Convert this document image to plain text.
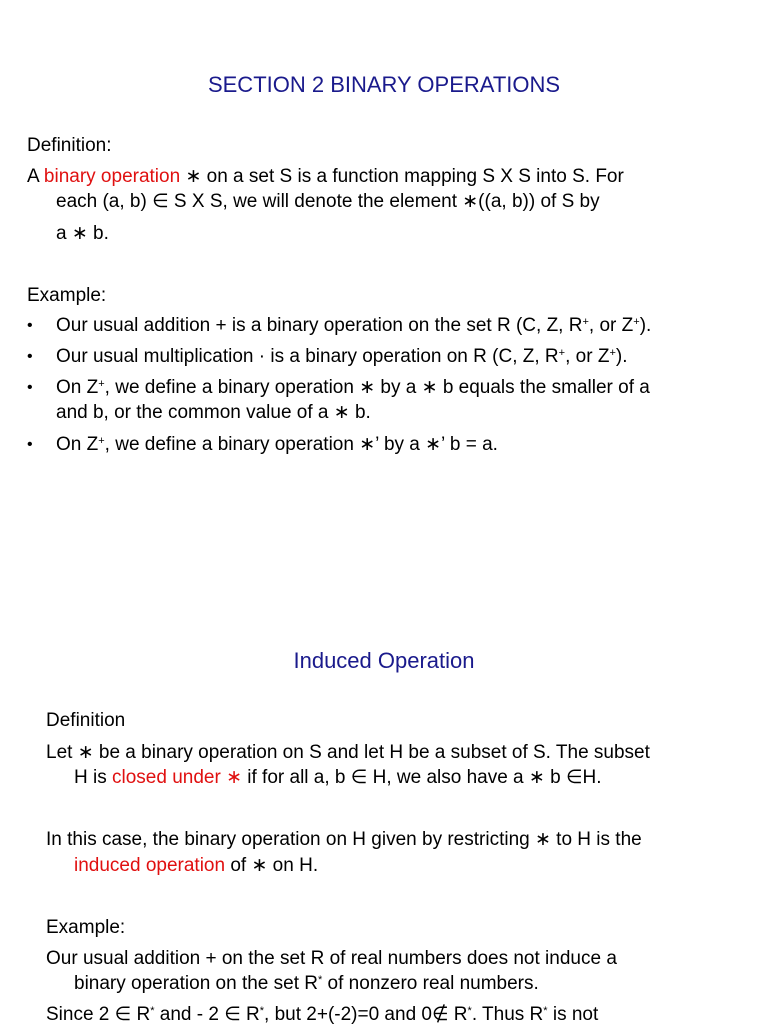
SECTION 2 BINARY OPERATIONS
Definition:
A binary operation ∗ on a set S is a function mapping S X S into S. For
each (a, b) ∈ S X S, we will denote the element ∗((a, b)) of S by
a ∗ b.
Example:
• Our usual addition + is a binary operation on the set R (C, Z, R+, or Z+).
• Our usual multiplication · is a binary operation on R (C, Z, R+, or Z+).
• On Z+, we define a binary operation ∗ by a ∗ b equals the smaller of a
and b, or the common value of a ∗ b.
• On Z+, we define a binary operation ∗’ by a ∗’ b = a.
Induced Operation
Definition
Let ∗ be a binary operation on S and let H be a subset of S. The subset
H is closed under ∗ if for all a, b ∈ H, we also have a ∗ b ∈H.
In this case, the binary operation on H given by restricting ∗ to H is the
induced operation of ∗ on H.
Example:
Our usual addition + on the set R of real numbers does not induce a
binary operation on the set R* of nonzero real numbers.
Since 2 ∈ R* and - 2 ∈ R*, but 2+(-2)=0 and 0∉ R*. Thus R* is not
